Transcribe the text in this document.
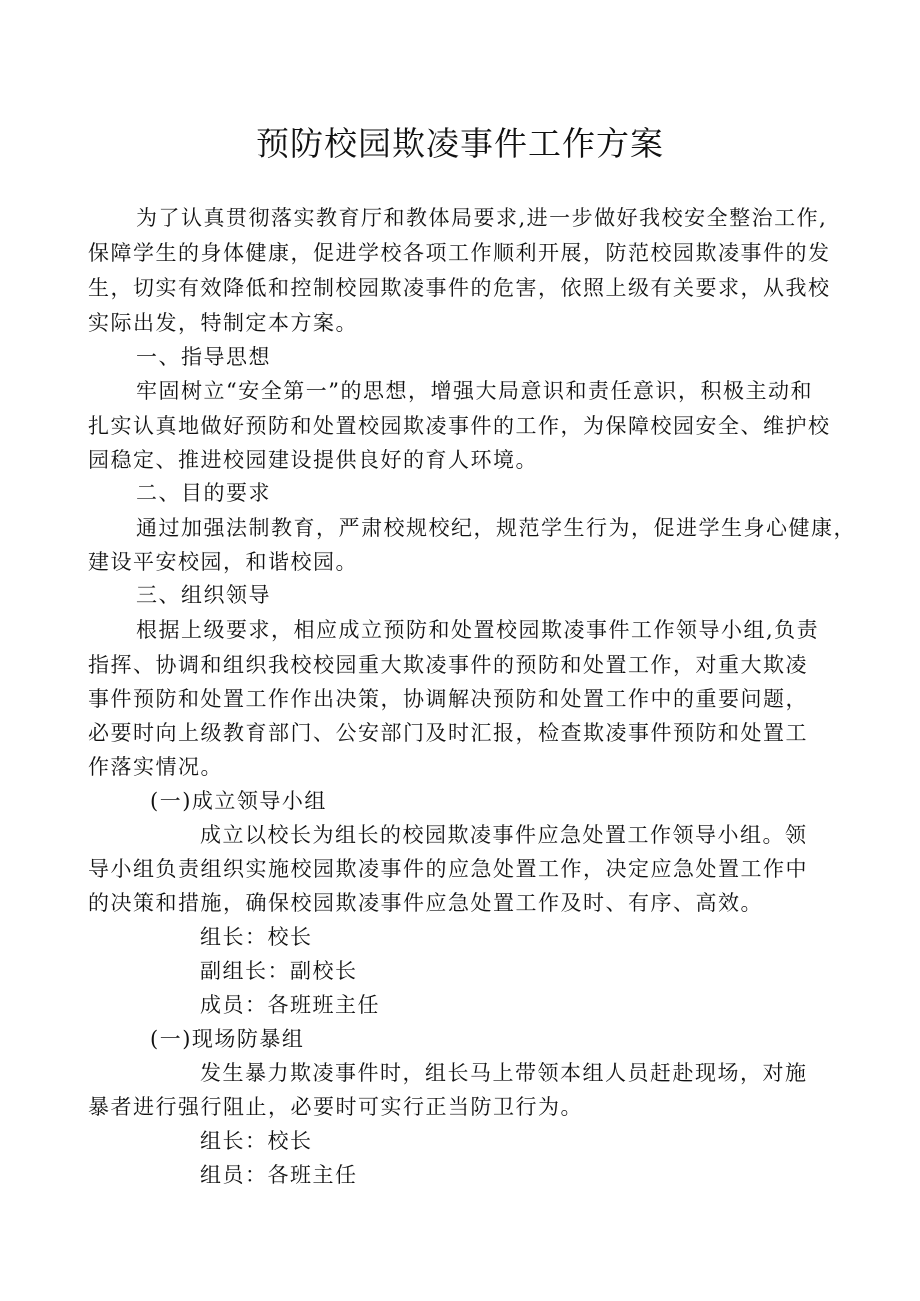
预防校园欺凌事件工作方案

为了认真贯彻落实教育厅和教体局要求,进一步做好我校安全整治工作,

保障学生的身体健康，促进学校各项工作顺利开展，防范校园欺凌事件的发

生，切实有效降低和控制校园欺凌事件的危害，依照上级有关要求，从我校

实际出发，特制定本方案。

一、指导思想

牢固树立“安全第一”的思想，增强大局意识和责任意识，积极主动和

扎实认真地做好预防和处置校园欺凌事件的工作，为保障校园安全、维护校

园稳定、推进校园建设提供良好的育人环境。

二、目的要求

通过加强法制教育，严肃校规校纪，规范学生行为，促进学生身心健康，

建设平安校园，和谐校园。

三、组织领导

根据上级要求，相应成立预防和处置校园欺凌事件工作领导小组,负责

指挥、协调和组织我校校园重大欺凌事件的预防和处置工作，对重大欺凌

事件预防和处置工作作出决策，协调解决预防和处置工作中的重要问题，

必要时向上级教育部门、公安部门及时汇报，检查欺凌事件预防和处置工

作落实情况。

(一)成立领导小组

成立以校长为组长的校园欺凌事件应急处置工作领导小组。领

导小组负责组织实施校园欺凌事件的应急处置工作，决定应急处置工作中

的决策和措施，确保校园欺凌事件应急处置工作及时、有序、高效。

组长：校长

副组长：副校长

成员：各班班主任

(一)现场防暴组

发生暴力欺凌事件时，组长马上带领本组人员赶赴现场，对施

暴者进行强行阻止，必要时可实行正当防卫行为。

组长：校长

组员：各班主任
